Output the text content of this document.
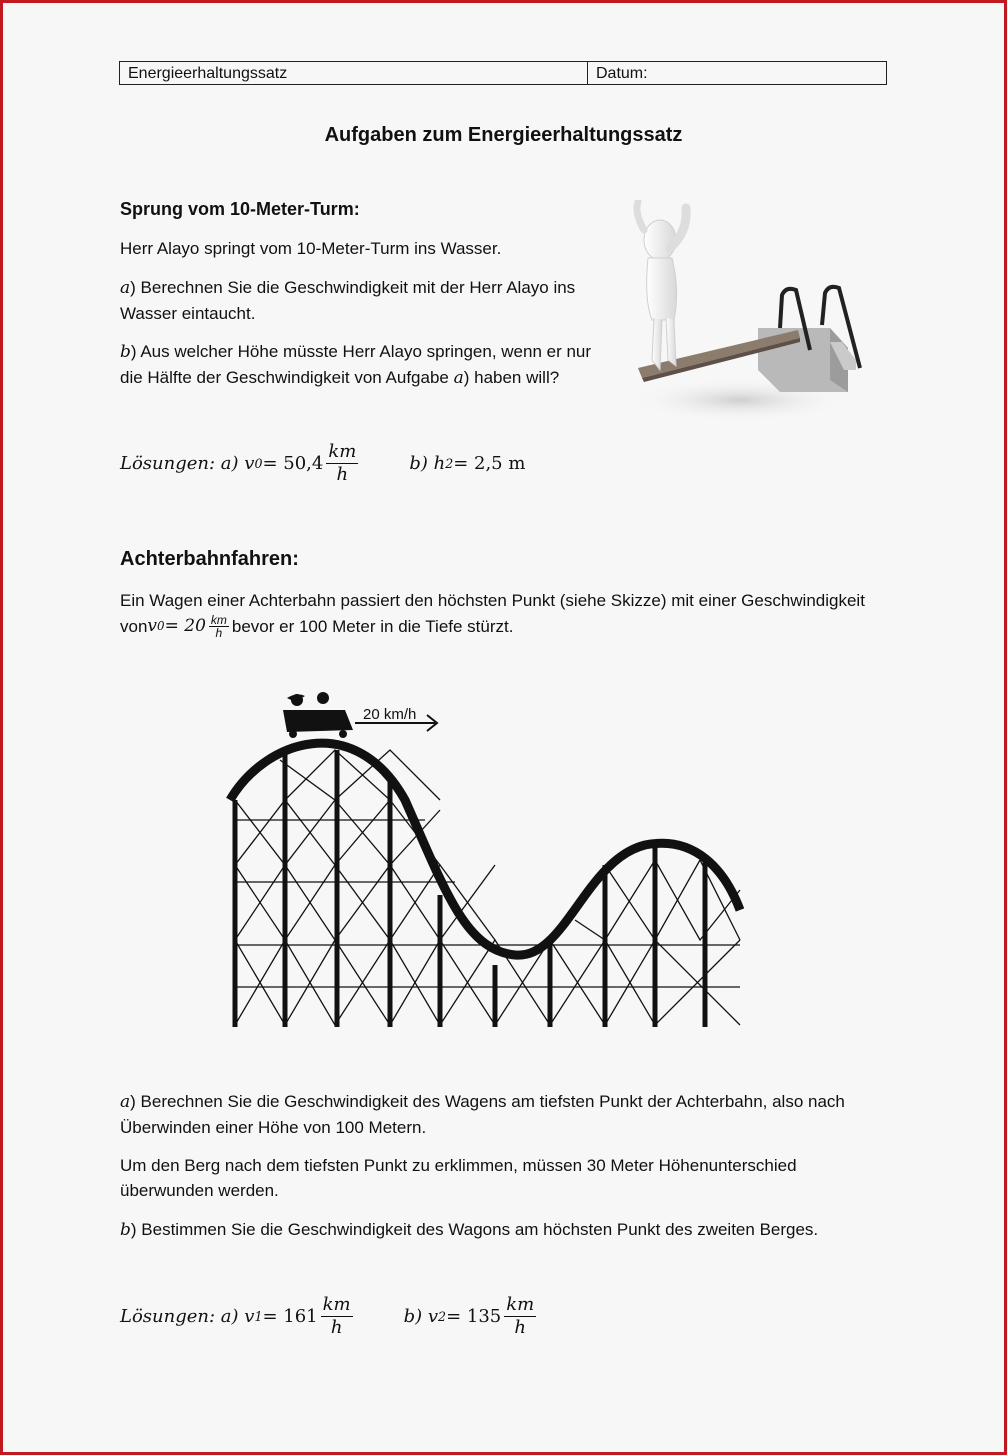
Energieerhaltungssatz	Datum:
Aufgaben zum Energieerhaltungssatz
Sprung vom 10-Meter-Turm:
Herr Alayo springt vom 10-Meter-Turm ins Wasser.
a) Berechnen Sie die Geschwindigkeit mit der Herr Alayo ins
Wasser eintaucht.
b) Aus welcher Höhe müsste Herr Alayo springen, wenn er nur
die Hälfte der Geschwindigkeit von Aufgabe a) haben will?
Lösungen:
a) v $0 = 50,4 \frac{km}{h}$	b) h 2 = 2,5 m
Achterbahnfahren:
Ein Wagen einer Achterbahn passiert den höchsten Punkt (siehe Skizze) mit einer Geschwindigkeit
von v $0 = 20 \frac{km}{h}$ bevor er 100 Meter in die Tiefe stürzt.
20 km/h
a) Berechnen Sie die Geschwindigkeit des Wagens am tiefsten Punkt der Achterbahn, also nach
Überwinden einer Höhe von 100 Metern.
Um den Berg nach dem tiefsten Punkt zu erklimmen, müssen 30 Meter Höhenunterschied
überwunden werden.
b) Bestimmen Sie die Geschwindigkeit des Wagons am höchsten Punkt des zweiten Berges.
Lösungen:
a) v $1 = 161 \frac{km}{h}$	b) v $2 = 135 \frac{km}{h}$
